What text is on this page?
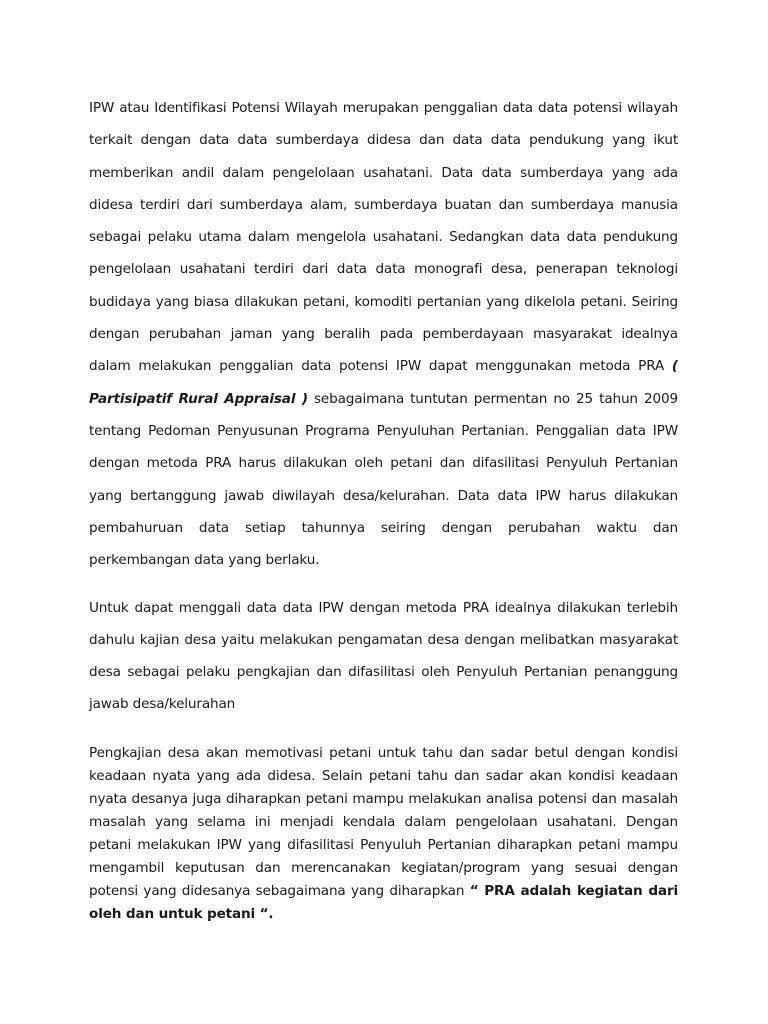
IPW atau Identifikasi Potensi Wilayah merupakan penggalian data data potensi wilayah terkait dengan data data sumberdaya didesa dan data data pendukung yang ikut memberikan andil dalam pengelolaan usahatani. Data data sumberdaya yang ada didesa terdiri dari sumberdaya alam, sumberdaya buatan dan sumberdaya manusia sebagai pelaku utama dalam mengelola usahatani. Sedangkan data data pendukung pengelolaan usahatani terdiri dari data data monografi desa, penerapan teknologi budidaya yang biasa dilakukan petani, komoditi pertanian yang dikelola petani. Seiring dengan perubahan jaman yang beralih pada pemberdayaan masyarakat idealnya dalam melakukan penggalian data potensi IPW dapat menggunakan metoda PRA ( Partisipatif Rural Appraisal ) sebagaimana tuntutan permentan no 25 tahun 2009 tentang Pedoman Penyusunan Programa Penyuluhan Pertanian. Penggalian data IPW dengan metoda PRA harus dilakukan oleh petani dan difasilitasi Penyuluh Pertanian yang bertanggung jawab diwilayah desa/kelurahan. Data data IPW harus dilakukan pembahuruan data setiap tahunnya seiring dengan perubahan waktu dan perkembangan data yang berlaku.

Untuk dapat menggali data data IPW dengan metoda PRA idealnya dilakukan terlebih dahulu kajian desa yaitu melakukan pengamatan desa dengan melibatkan masyarakat desa sebagai pelaku pengkajian dan difasilitasi oleh Penyuluh Pertanian penanggung jawab desa/kelurahan

Pengkajian desa akan memotivasi petani untuk tahu dan sadar betul dengan kondisi keadaan nyata yang ada didesa. Selain petani tahu dan sadar akan kondisi keadaan nyata desanya juga diharapkan petani mampu melakukan analisa potensi dan masalah masalah yang selama ini menjadi kendala dalam pengelolaan usahatani. Dengan petani melakukan IPW yang difasilitasi Penyuluh Pertanian diharapkan petani mampu mengambil keputusan dan merencanakan kegiatan/program yang sesuai dengan potensi yang didesanya sebagaimana yang diharapkan “ PRA adalah kegiatan dari oleh dan untuk petani “.
